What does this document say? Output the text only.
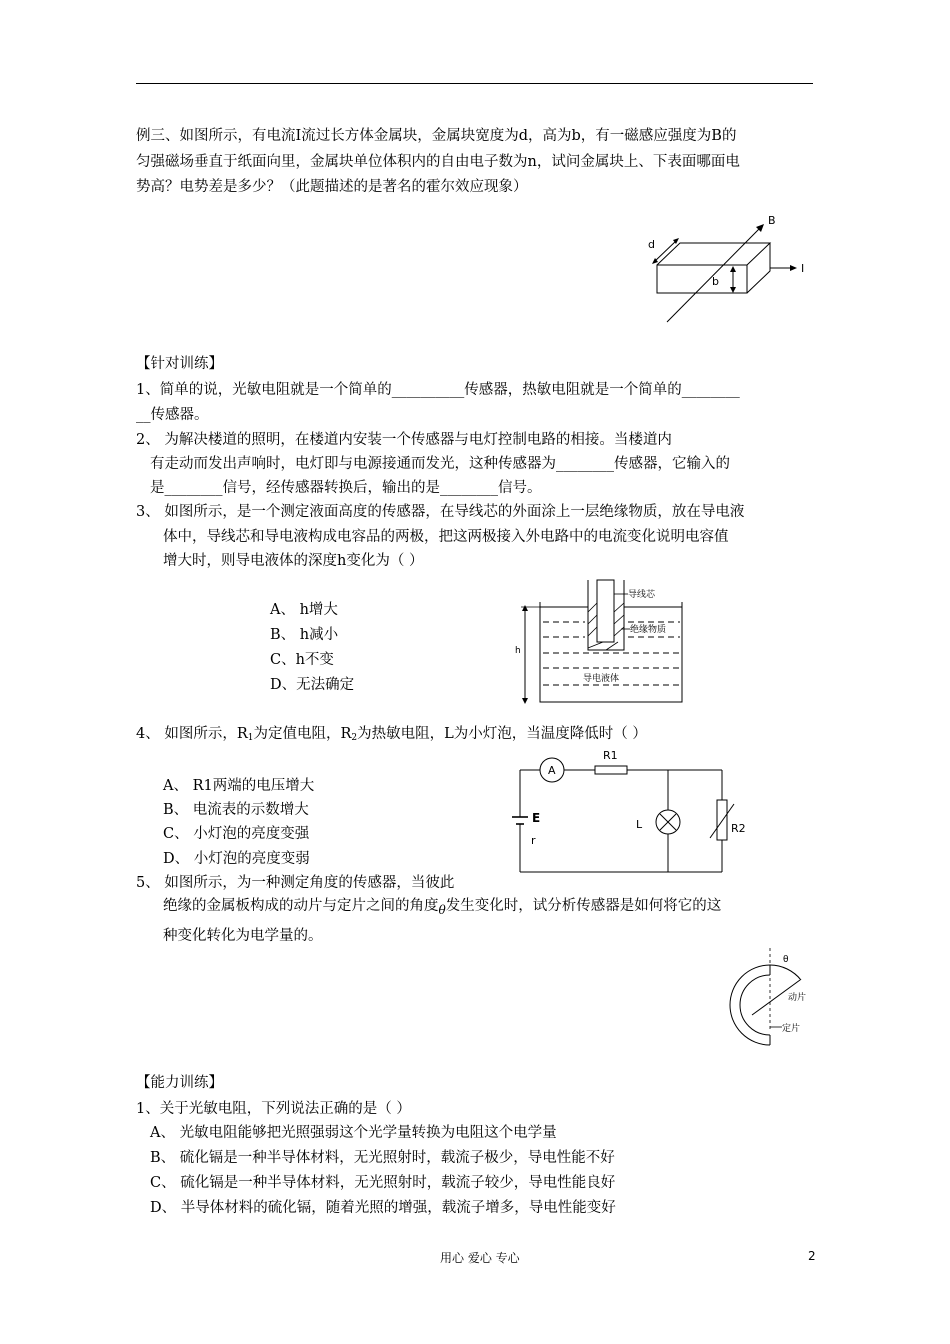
例三、如图所示，有电流Ⅰ流过长方体金属块，金属块宽度为d，高为b，有一磁感应强度为B的

匀强磁场垂直于纸面向里，金属块单位体积内的自由电子数为n，试问金属块上、下表面哪面电

势高？电势差是多少？（此题描述的是著名的霍尔效应现象）

b
d
B
I

【针对训练】

1、简单的说，光敏电阻就是一个简单的__________传感器，热敏电阻就是一个简单的________

__传感器。

2、 为解决楼道的照明，在楼道内安装一个传感器与电灯控制电路的相接。当楼道内

有走动而发出声响时，电灯即与电源接通而发光，这种传感器为________传感器，它输入的

是________信号，经传感器转换后，输出的是________信号。

3、 如图所示，是一个测定液面高度的传感器，在导线芯的外面涂上一层绝缘物质，放在导电液

体中，导线芯和导电液构成电容品的两极，把这两极接入外电路中的电流变化说明电容值

增大时，则导电液体的深度h变化为（ ）

A、 h增大

B、 h减小

C、h不变

D、无法确定

h
导线芯
绝缘物质
导电液体

4、 如图所示，$R_1$为定值电阻，$R_2$为热敏电阻，L为小灯泡，当温度降低时（ ）

A、 R1两端的电压增大

B、 电流表的示数增大

C、 小灯泡的亮度变强

D、 小灯泡的亮度变弱

A
R1
E
r
L	R2

5、 如图所示，为一种测定角度的传感器，当彼此

绝缘的金属板构成的动片与定片之间的角度$_\theta$发生变化时，试分析传感器是如何将它的这

种变化转化为电学量的。

θ
动片
定片

【能力训练】

1、关于光敏电阻，下列说法正确的是（ ）

A、 光敏电阻能够把光照强弱这个光学量转换为电阻这个电学量

B、 硫化镉是一种半导体材料，无光照射时，载流子极少，导电性能不好

C、 硫化镉是一种半导体材料，无光照射时，载流子较少，导电性能良好

D、 半导体材料的硫化镉，随着光照的增强，载流子增多，导电性能变好

用心 爱心 专心	2
